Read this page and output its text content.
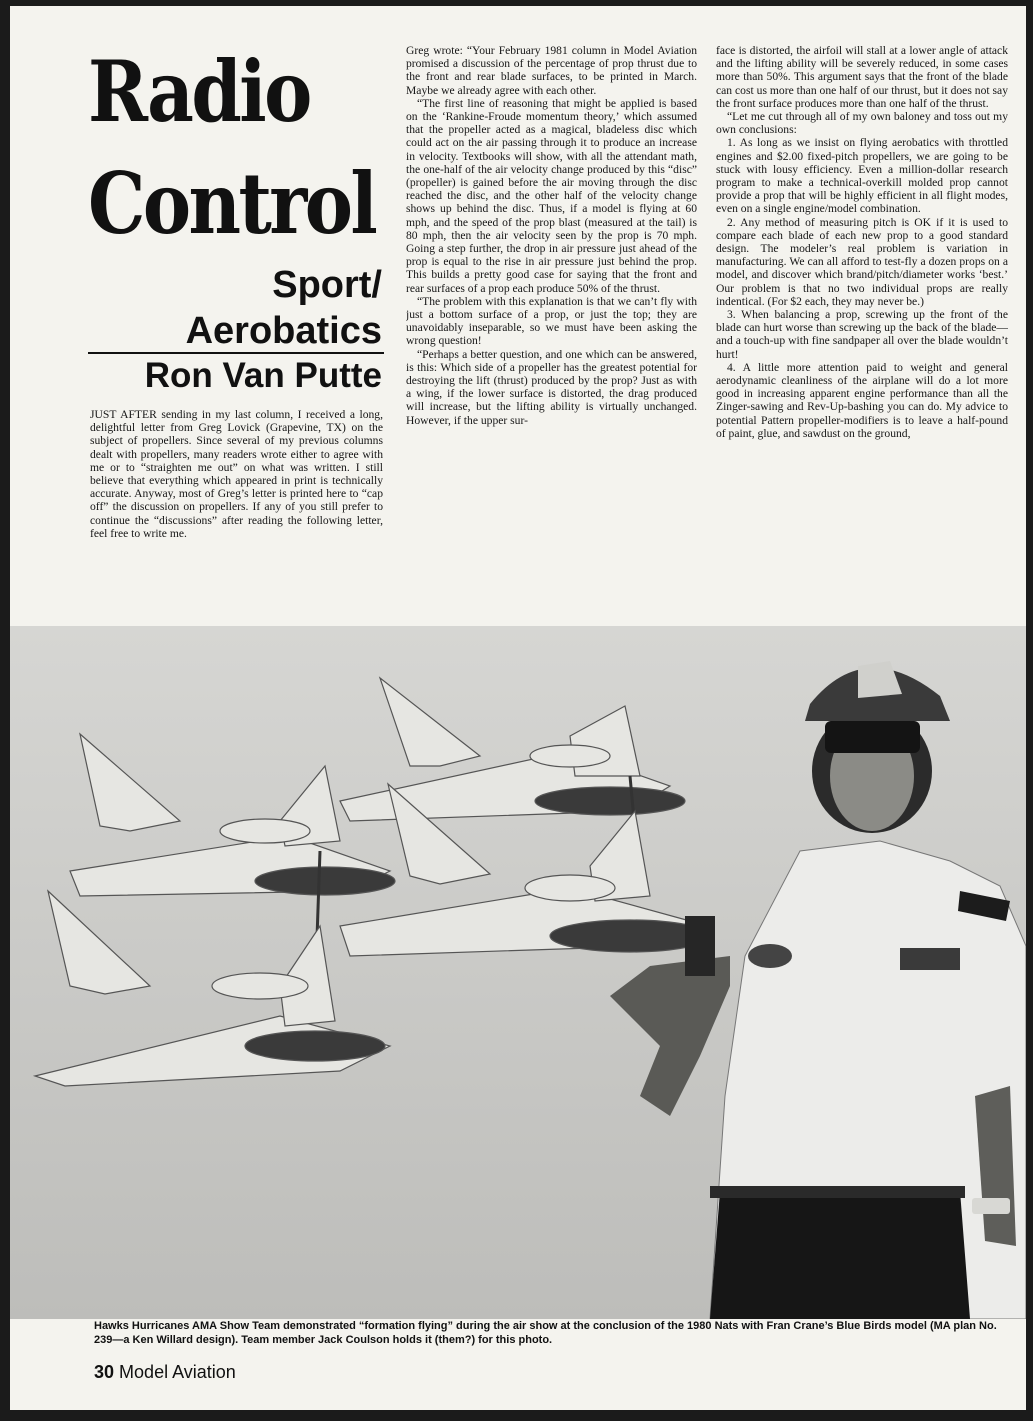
Radio
Control
Sport/
Aerobatics
Ron Van Putte

JUST AFTER sending in my last column, I received a long, delightful letter from Greg Lovick (Grapevine, TX) on the subject of propellers. Since several of my previous columns dealt with propellers, many readers wrote either to agree with me or to “straighten me out” on what was written. I still believe that everything which appeared in print is technically accurate. Anyway, most of Greg’s letter is printed here to “cap off” the discussion on propellers. If any of you still prefer to continue the “discussions” after reading the following letter, feel free to write me.

Greg wrote: “Your February 1981 column in Model Aviation promised a discussion of the percentage of prop thrust due to the front and rear blade surfaces, to be printed in March. Maybe we already agree with each other.

“The first line of reasoning that might be applied is based on the ‘Rankine-Froude momentum theory,’ which assumed that the propeller acted as a magical, bladeless disc which could act on the air passing through it to produce an increase in velocity. Textbooks will show, with all the attendant math, the one-half of the air velocity change produced by this “disc” (propeller) is gained before the air moving through the disc reached the disc, and the other half of the velocity change shows up behind the disc. Thus, if a model is flying at 60 mph, and the speed of the prop blast (measured at the tail) is 80 mph, then the air velocity seen by the prop is 70 mph. Going a step further, the drop in air pressure just ahead of the prop is equal to the rise in air pressure just behind the prop. This builds a pretty good case for saying that the front and rear surfaces of a prop each produce 50% of the thrust.

“The problem with this explanation is that we can’t fly with just a bottom surface of a prop, or just the top; they are unavoidably inseparable, so we must have been asking the wrong question!

“Perhaps a better question, and one which can be answered, is this: Which side of a propeller has the greatest potential for destroying the lift (thrust) produced by the prop? Just as with a wing, if the lower surface is distorted, the drag produced will increase, but the lifting ability is virtually unchanged. However, if the upper sur-

face is distorted, the airfoil will stall at a lower angle of attack and the lifting ability will be severely reduced, in some cases more than 50%. This argument says that the front of the blade can cost us more than one half of our thrust, but it does not say the front surface produces more than one half of the thrust.

“Let me cut through all of my own baloney and toss out my own conclusions:

1. As long as we insist on flying aerobatics with throttled engines and $2.00 fixed-pitch propellers, we are going to be stuck with lousy efficiency. Even a million-dollar research program to make a technical-overkill molded prop cannot provide a prop that will be highly efficient in all flight modes, even on a single engine/model combination.

2. Any method of measuring pitch is OK if it is used to compare each blade of each new prop to a good standard design. The modeler’s real problem is variation in manufacturing. We can all afford to test-fly a dozen props on a model, and discover which brand/pitch/diameter works ‘best.’ Our problem is that no two individual props are really indentical. (For $2 each, they may never be.)

3. When balancing a prop, screwing up the front of the blade can hurt worse than screwing up the back of the blade—and a touch-up with fine sandpaper all over the blade wouldn’t hurt!

4. A little more attention paid to weight and general aerodynamic cleanliness of the airplane will do a lot more good in increasing apparent engine performance than all the Zinger-sawing and Rev-Up-bashing you can do. My advice to potential Pattern propeller-modifiers is to leave a half-pound of paint, glue, and sawdust on the ground,

Hawks Hurricanes AMA Show Team demonstrated “formation flying” during the air show at the conclusion of the 1980 Nats with Fran Crane’s Blue Birds model (MA plan No. 239—a Ken Willard design). Team member Jack Coulson holds it (them?) for this photo.
30 Model Aviation
